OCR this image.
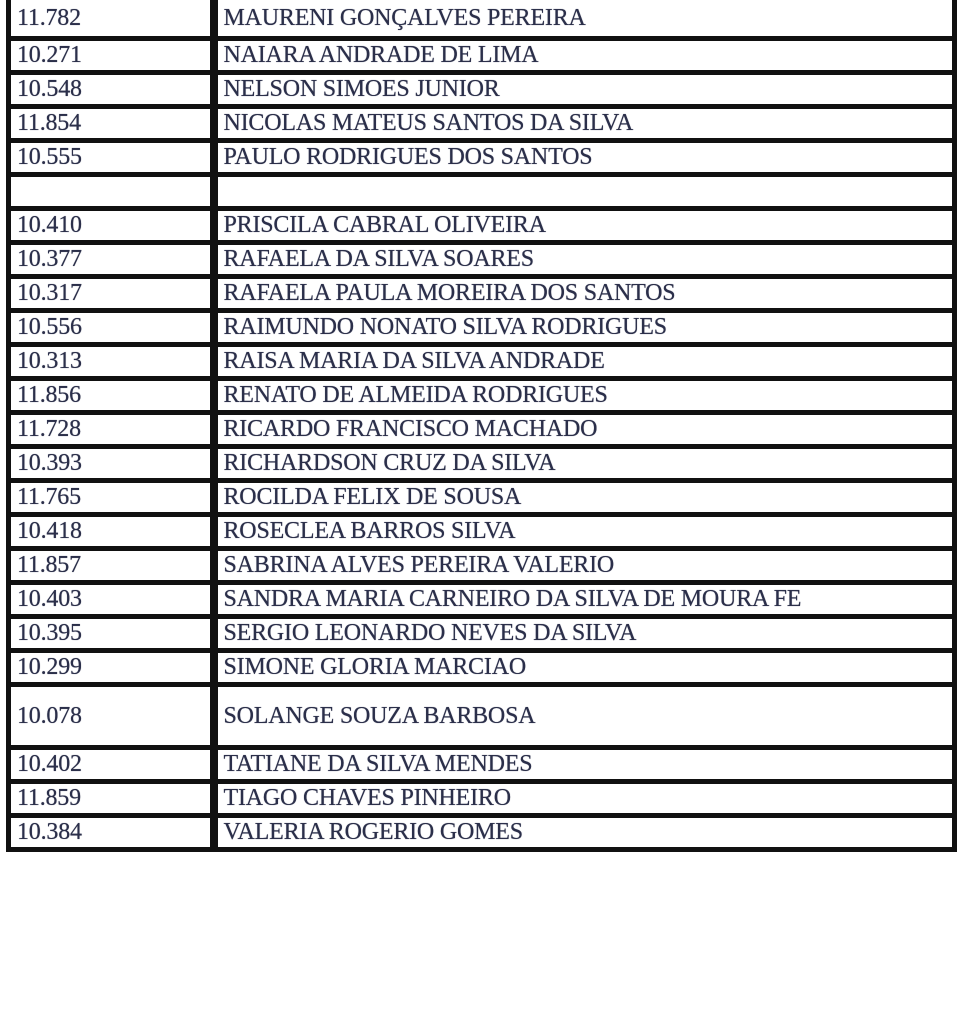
11.782	MAURENI GONÇALVES PEREIRA
10.271	NAIARA ANDRADE DE LIMA
10.548	NELSON SIMOES JUNIOR
11.854	NICOLAS MATEUS SANTOS DA SILVA
10.555	PAULO RODRIGUES DOS SANTOS

10.410	PRISCILA CABRAL OLIVEIRA
10.377	RAFAELA DA SILVA SOARES
10.317	RAFAELA PAULA MOREIRA DOS SANTOS
10.556	RAIMUNDO NONATO SILVA RODRIGUES
10.313	RAISA MARIA DA SILVA ANDRADE
11.856	RENATO DE ALMEIDA RODRIGUES
11.728	RICARDO FRANCISCO MACHADO
10.393	RICHARDSON CRUZ DA SILVA
11.765	ROCILDA FELIX DE SOUSA
10.418	ROSECLEA BARROS SILVA
11.857	SABRINA ALVES PEREIRA VALERIO
10.403	SANDRA MARIA CARNEIRO DA SILVA DE MOURA FE
10.395	SERGIO LEONARDO NEVES DA SILVA
10.299	SIMONE GLORIA MARCIAO
10.078	SOLANGE SOUZA BARBOSA
10.402	TATIANE DA SILVA MENDES
11.859	TIAGO CHAVES PINHEIRO
10.384	VALERIA ROGERIO GOMES
